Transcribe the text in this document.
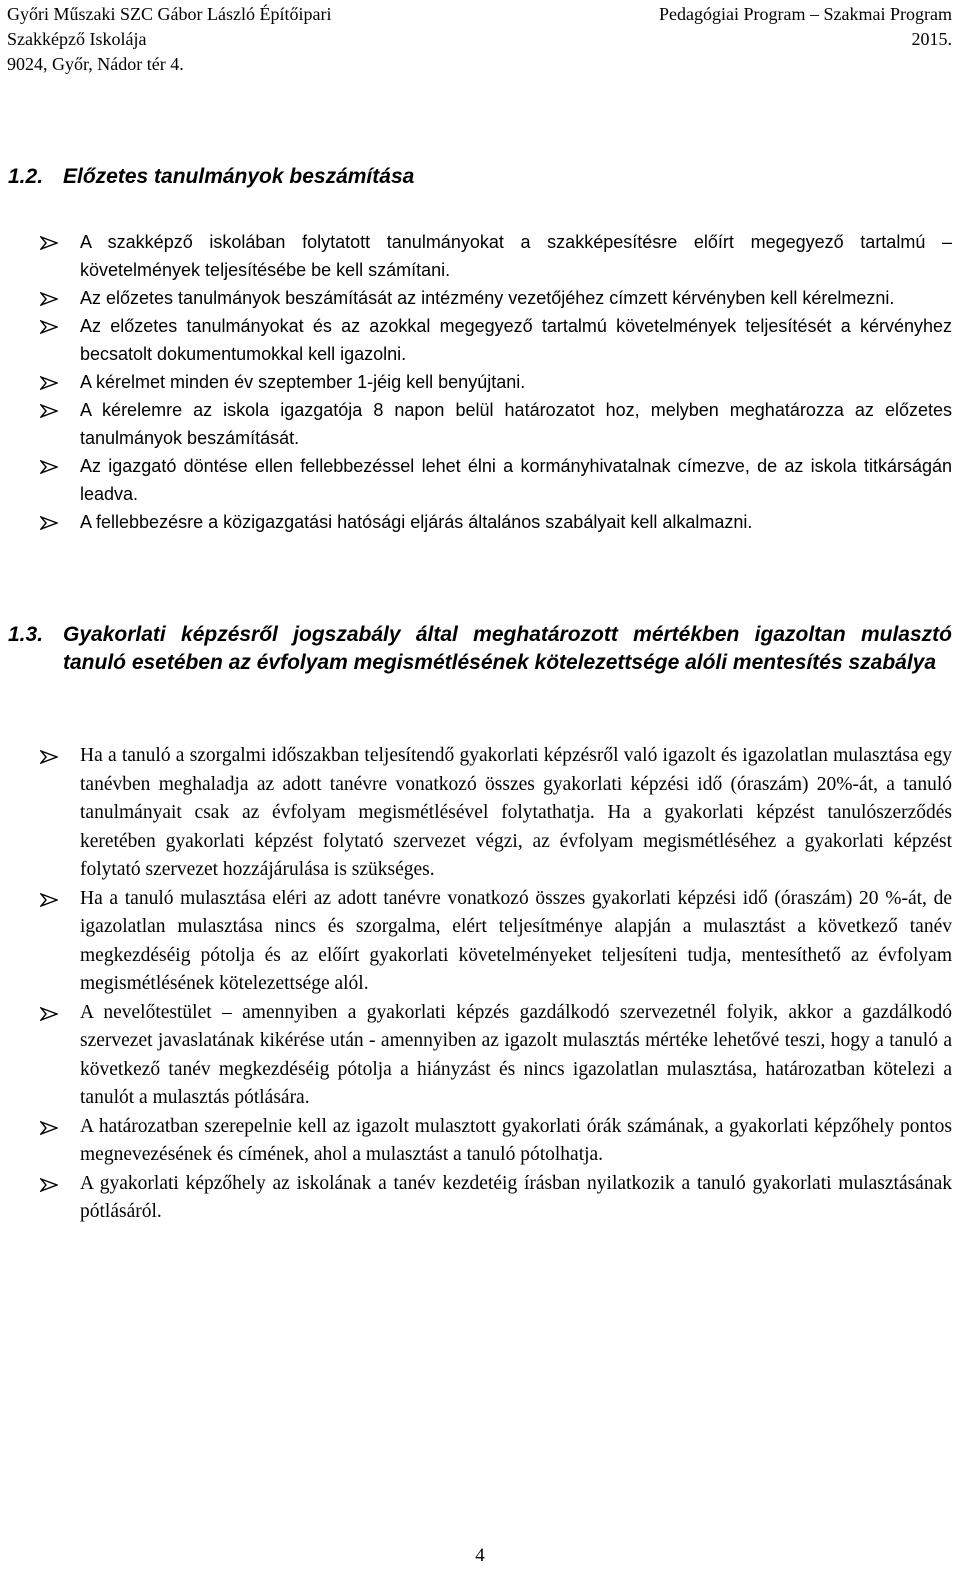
Győri Műszaki SZC Gábor László Építőipari
Szakképző Iskolája
9024, Győr, Nádor tér 4.
Pedagógiai Program – Szakmai Program
2015.
1.2. Előzetes tanulmányok beszámítása
A szakképző iskolában folytatott tanulmányokat a szakképesítésre előírt megegyező tartalmú – követelmények teljesítésébe be kell számítani.
Az előzetes tanulmányok beszámítását az intézmény vezetőjéhez címzett kérvényben kell kérelmezni.
Az előzetes tanulmányokat és az azokkal megegyező tartalmú követelmények teljesítését a kérvényhez becsatolt dokumentumokkal kell igazolni.
A kérelmet minden év szeptember 1-jéig kell benyújtani.
A kérelemre az iskola igazgatója 8 napon belül határozatot hoz, melyben meghatározza az előzetes tanulmányok beszámítását.
Az igazgató döntése ellen fellebbezéssel lehet élni a kormányhivatalnak címezve, de az iskola titkárságán leadva.
A fellebbezésre a közigazgatási hatósági eljárás általános szabályait kell alkalmazni.
1.3. Gyakorlati képzésről jogszabály által meghatározott mértékben igazoltan mulasztó tanuló esetében az évfolyam megismétlésének kötelezettsége alóli mentesítés szabálya
Ha a tanuló a szorgalmi időszakban teljesítendő gyakorlati képzésről való igazolt és igazolatlan mulasztása egy tanévben meghaladja az adott tanévre vonatkozó összes gyakorlati képzési idő (óraszám) 20%-át, a tanuló tanulmányait csak az évfolyam megismétlésével folytathatja. Ha a gyakorlati képzést tanulószerződés keretében gyakorlati képzést folytató szervezet végzi, az évfolyam megismétléséhez a gyakorlati képzést folytató szervezet hozzájárulása is szükséges.
Ha a tanuló mulasztása eléri az adott tanévre vonatkozó összes gyakorlati képzési idő (óraszám) 20 %-át, de igazolatlan mulasztása nincs és szorgalma, elért teljesítménye alapján a mulasztást a következő tanév megkezdéséig pótolja és az előírt gyakorlati követelményeket teljesíteni tudja, mentesíthető az évfolyam megismétlésének kötelezettsége alól.
A nevelőtestület – amennyiben a gyakorlati képzés gazdálkodó szervezetnél folyik, akkor a gazdálkodó szervezet javaslatának kikérése után - amennyiben az igazolt mulasztás mértéke lehetővé teszi, hogy a tanuló a következő tanév megkezdéséig pótolja a hiányzást és nincs igazolatlan mulasztása, határozatban kötelezi a tanulót a mulasztás pótlására.
A határozatban szerepelnie kell az igazolt mulasztott gyakorlati órák számának, a gyakorlati képzőhely pontos megnevezésének és címének, ahol a mulasztást a tanuló pótolhatja.
A gyakorlati képzőhely az iskolának a tanév kezdetéig írásban nyilatkozik a tanuló gyakorlati mulasztásának pótlásáról.
4
